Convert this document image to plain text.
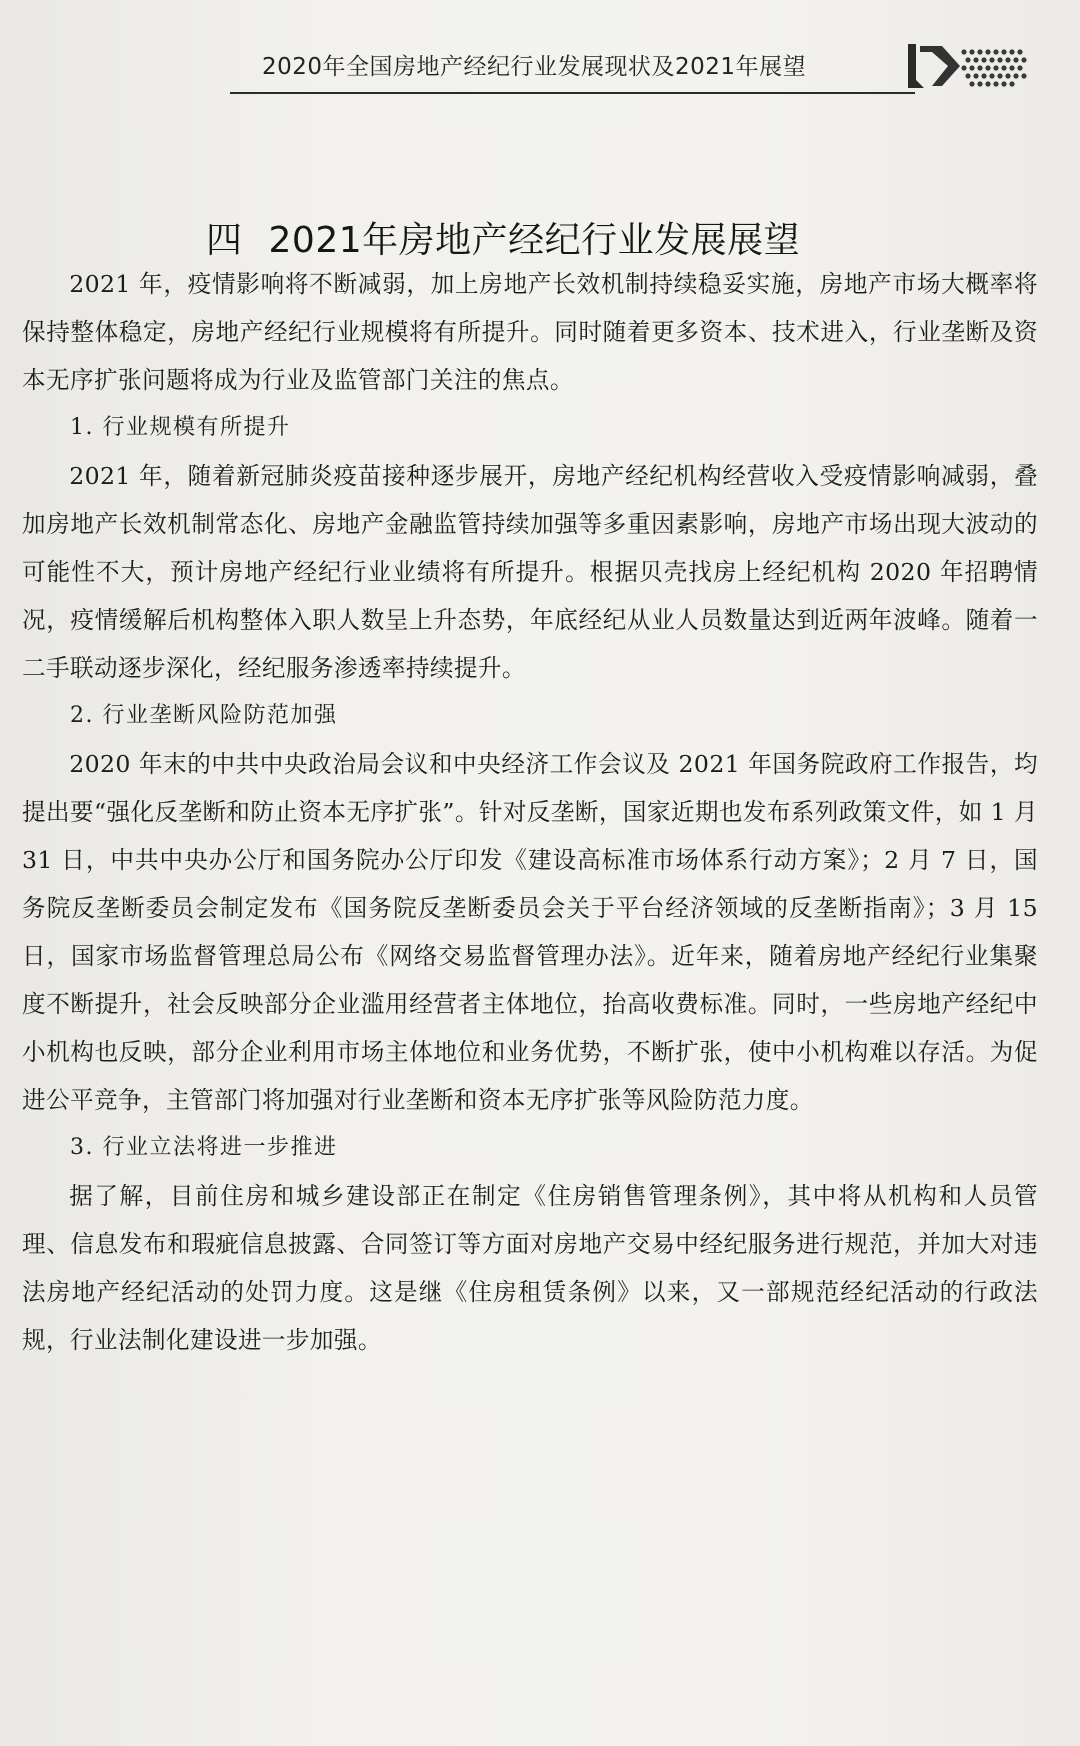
2020年全国房地产经纪行业发展现状及2021年展望
四 2021年房地产经纪行业发展展望

2021 年，疫情影响将不断减弱，加上房地产长效机制持续稳妥实施，房地产市场大概率将保持整体稳定，房地产经纪行业规模将有所提升。同时随着更多资本、技术进入，行业垄断及资本无序扩张问题将成为行业及监管部门关注的焦点。

1. 行业规模有所提升

2021 年，随着新冠肺炎疫苗接种逐步展开，房地产经纪机构经营收入受疫情影响减弱，叠加房地产长效机制常态化、房地产金融监管持续加强等多重因素影响，房地产市场出现大波动的可能性不大，预计房地产经纪行业业绩将有所提升。根据贝壳找房上经纪机构 2020 年招聘情况，疫情缓解后机构整体入职人数呈上升态势，年底经纪从业人员数量达到近两年波峰。随着一二手联动逐步深化，经纪服务渗透率持续提升。

2. 行业垄断风险防范加强

2020 年末的中共中央政治局会议和中央经济工作会议及 2021 年国务院政府工作报告，均提出要“强化反垄断和防止资本无序扩张”。针对反垄断，国家近期也发布系列政策文件，如 1 月 31 日，中共中央办公厅和国务院办公厅印发《建设高标准市场体系行动方案》；2 月 7 日，国务院反垄断委员会制定发布《国务院反垄断委员会关于平台经济领域的反垄断指南》；3 月 15 日，国家市场监督管理总局公布《网络交易监督管理办法》。近年来，随着房地产经纪行业集聚度不断提升，社会反映部分企业滥用经营者主体地位，抬高收费标准。同时，一些房地产经纪中小机构也反映，部分企业利用市场主体地位和业务优势，不断扩张，使中小机构难以存活。为促进公平竞争，主管部门将加强对行业垄断和资本无序扩张等风险防范力度。

3. 行业立法将进一步推进

据了解，目前住房和城乡建设部正在制定《住房销售管理条例》，其中将从机构和人员管理、信息发布和瑕疵信息披露、合同签订等方面对房地产交易中经纪服务进行规范，并加大对违法房地产经纪活动的处罚力度。这是继《住房租赁条例》以来，又一部规范经纪活动的行政法规，行业法制化建设进一步加强。
